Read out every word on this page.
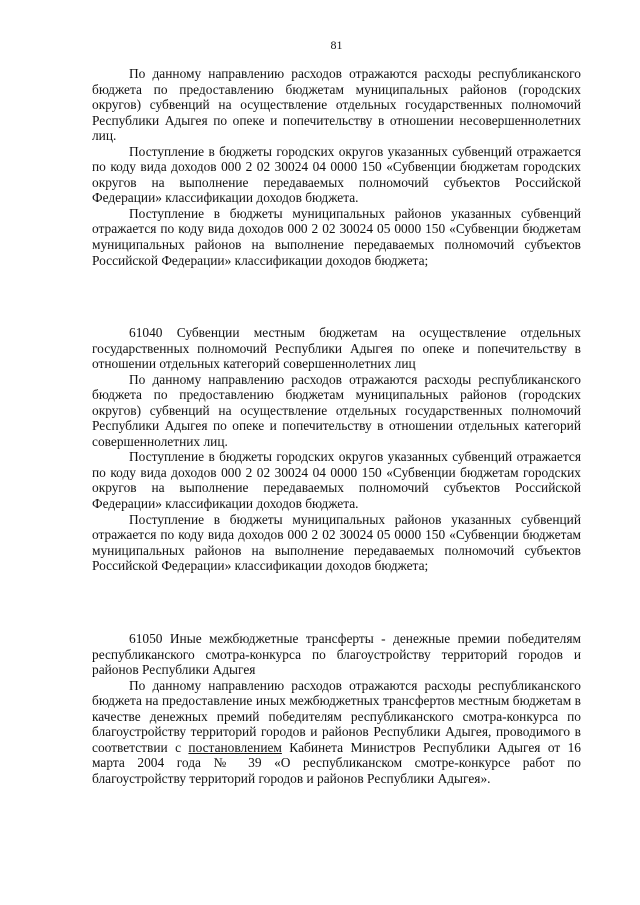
81

По данному направлению расходов отражаются расходы республиканского бюджета по предоставлению бюджетам муниципальных районов (городских округов) субвенций на осуществление отдельных государственных полномочий Республики Адыгея по опеке и попечительству в отношении несовершеннолетних лиц.

Поступление в бюджеты городских округов указанных субвенций отражается по коду вида доходов 000 2 02 30024 04 0000 150 «Субвенции бюджетам городских округов на выполнение передаваемых полномочий субъектов Российской Федерации» классификации доходов бюджета.

Поступление в бюджеты муниципальных районов указанных субвенций отражается по коду вида доходов 000 2 02 30024 05 0000 150 «Субвенции бюджетам муниципальных районов на выполнение передаваемых полномочий субъектов Российской Федерации» классификации доходов бюджета;

61040 Субвенции местным бюджетам на осуществление отдельных государственных полномочий Республики Адыгея по опеке и попечительству в отношении отдельных категорий совершеннолетних лиц

По данному направлению расходов отражаются расходы республиканского бюджета по предоставлению бюджетам муниципальных районов (городских округов) субвенций на осуществление отдельных государственных полномочий Республики Адыгея по опеке и попечительству в отношении отдельных категорий совершеннолетних лиц.

Поступление в бюджеты городских округов указанных субвенций отражается по коду вида доходов 000 2 02 30024 04 0000 150 «Субвенции бюджетам городских округов на выполнение передаваемых полномочий субъектов Российской Федерации» классификации доходов бюджета.

Поступление в бюджеты муниципальных районов указанных субвенций отражается по коду вида доходов 000 2 02 30024 05 0000 150 «Субвенции бюджетам муниципальных районов на выполнение передаваемых полномочий субъектов Российской Федерации» классификации доходов бюджета;

61050 Иные межбюджетные трансферты - денежные премии победителям республиканского смотра-конкурса по благоустройству территорий городов и районов Республики Адыгея

По данному направлению расходов отражаются расходы республиканского бюджета на предоставление иных межбюджетных трансфертов местным бюджетам в качестве денежных премий победителям республиканского смотра-конкурса по благоустройству территорий городов и районов Республики Адыгея, проводимого в соответствии с постановлением Кабинета Министров Республики Адыгея от 16 марта 2004 года № 39 «О республиканском смотре-конкурсе работ по благоустройству территорий городов и районов Республики Адыгея».
